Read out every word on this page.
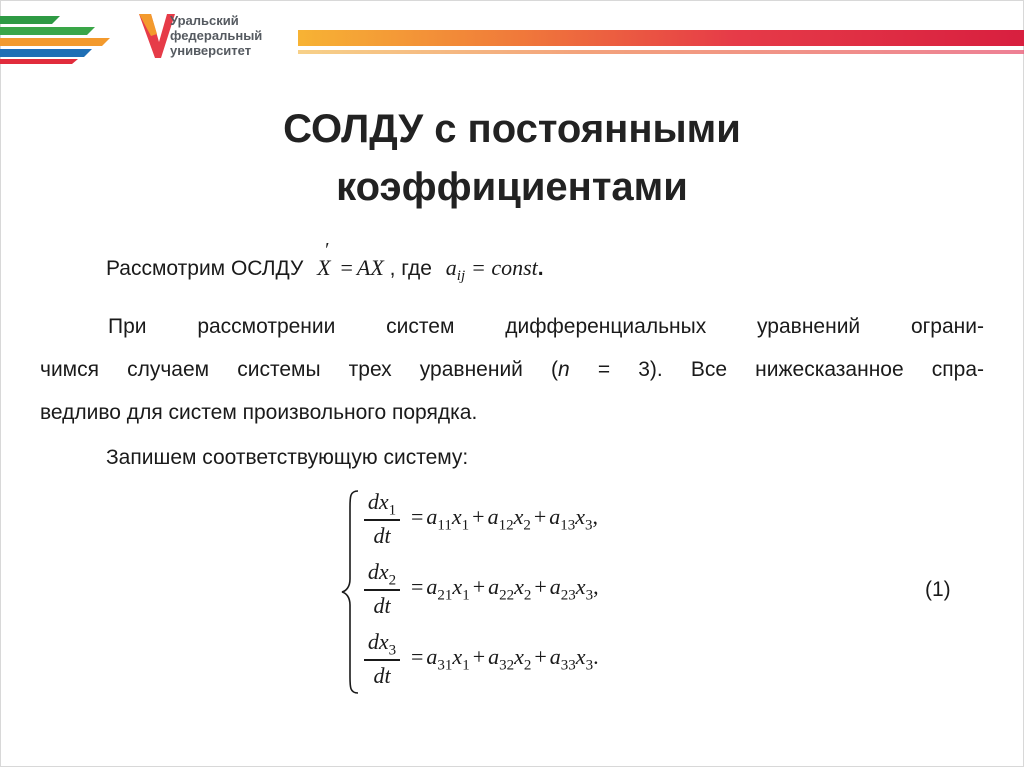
Уральский
федеральный
университет
СОЛДУ с постоянными
коэффициентами
Рассмотрим ОСЛДУ X
′
= AX , где $a_{ij}$ = const.
При рассмотрении систем дифференциальных уравнений ограни-
чимся случаем системы трех уравнений (n = 3). Все нижесказанное спра-
ведливо для систем произвольного порядка.
Запишем соответствующую систему:
$dx_1$
dt
= $a_{11}x_1 + a_{12}x_2 + a_{13}x_3$,
$dx_2$
dt
= $a_{21}x_1 + a_{22}x_2 + a_{23}x_3$,
$dx_3$
dt
= $a_{31}x_1 + a_{32}x_2 + a_{33}x_3$.
(1)
